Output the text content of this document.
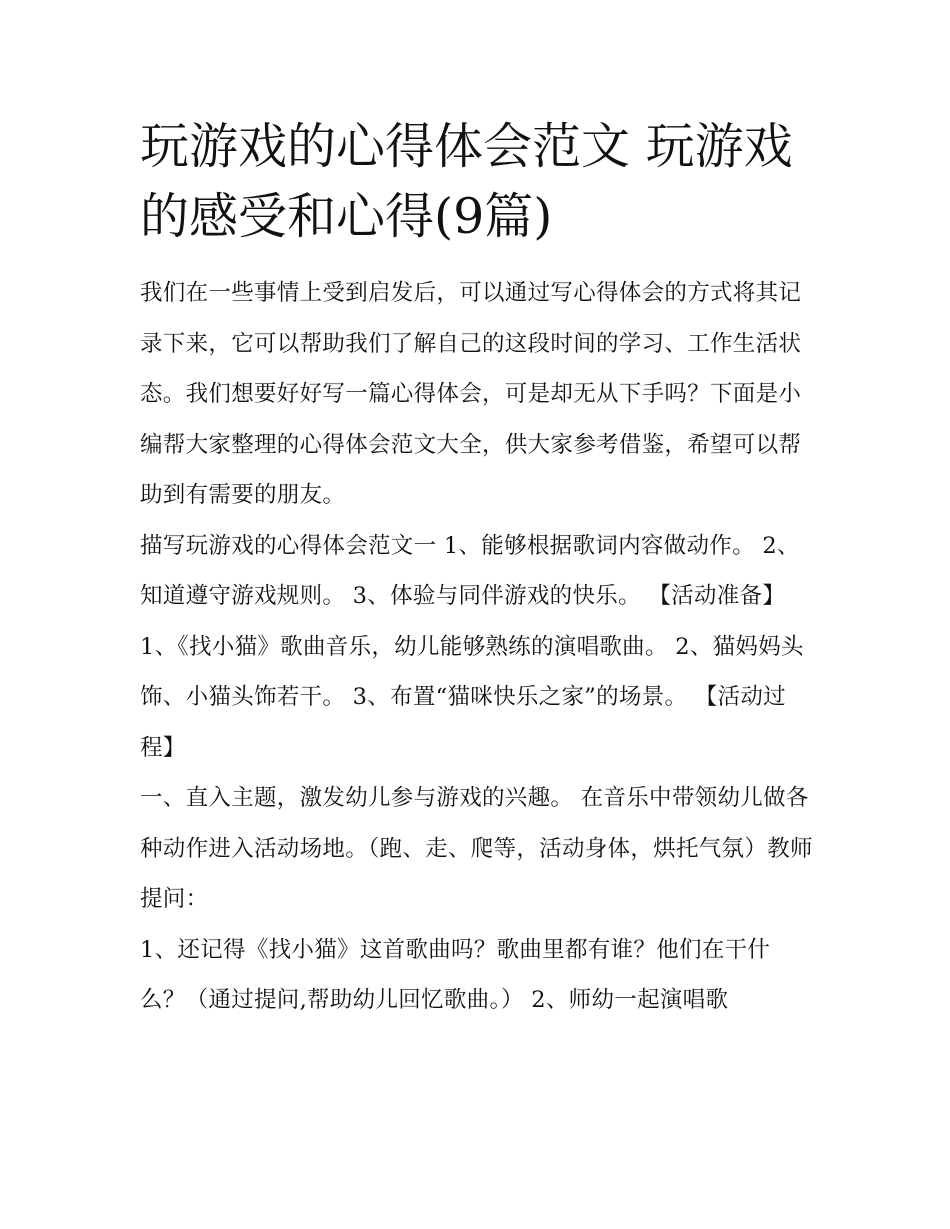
玩游戏的心得体会范文 玩游戏的感受和心得(9篇)

我们在一些事情上受到启发后，可以通过写心得体会的方式将其记录下来，它可以帮助我们了解自己的这段时间的学习、工作生活状态。我们想要好好写一篇心得体会，可是却无从下手吗？下面是小编帮大家整理的心得体会范文大全，供大家参考借鉴，希望可以帮助到有需要的朋友。

描写玩游戏的心得体会范文一 1、能够根据歌词内容做动作。 2、知道遵守游戏规则。 3、体验与同伴游戏的快乐。 【活动准备】

1、《找小猫》歌曲音乐，幼儿能够熟练的演唱歌曲。 2、猫妈妈头饰、小猫头饰若干。 3、布置“猫咪快乐之家”的场景。 【活动过程】

一、直入主题，激发幼儿参与游戏的兴趣。 在音乐中带领幼儿做各种动作进入活动场地。（跑、走、爬等，活动身体，烘托气氛）教师提问：

1、还记得《找小猫》这首歌曲吗？歌曲里都有谁？他们在干什么？（通过提问,帮助幼儿回忆歌曲。） 2、师幼一起演唱歌
